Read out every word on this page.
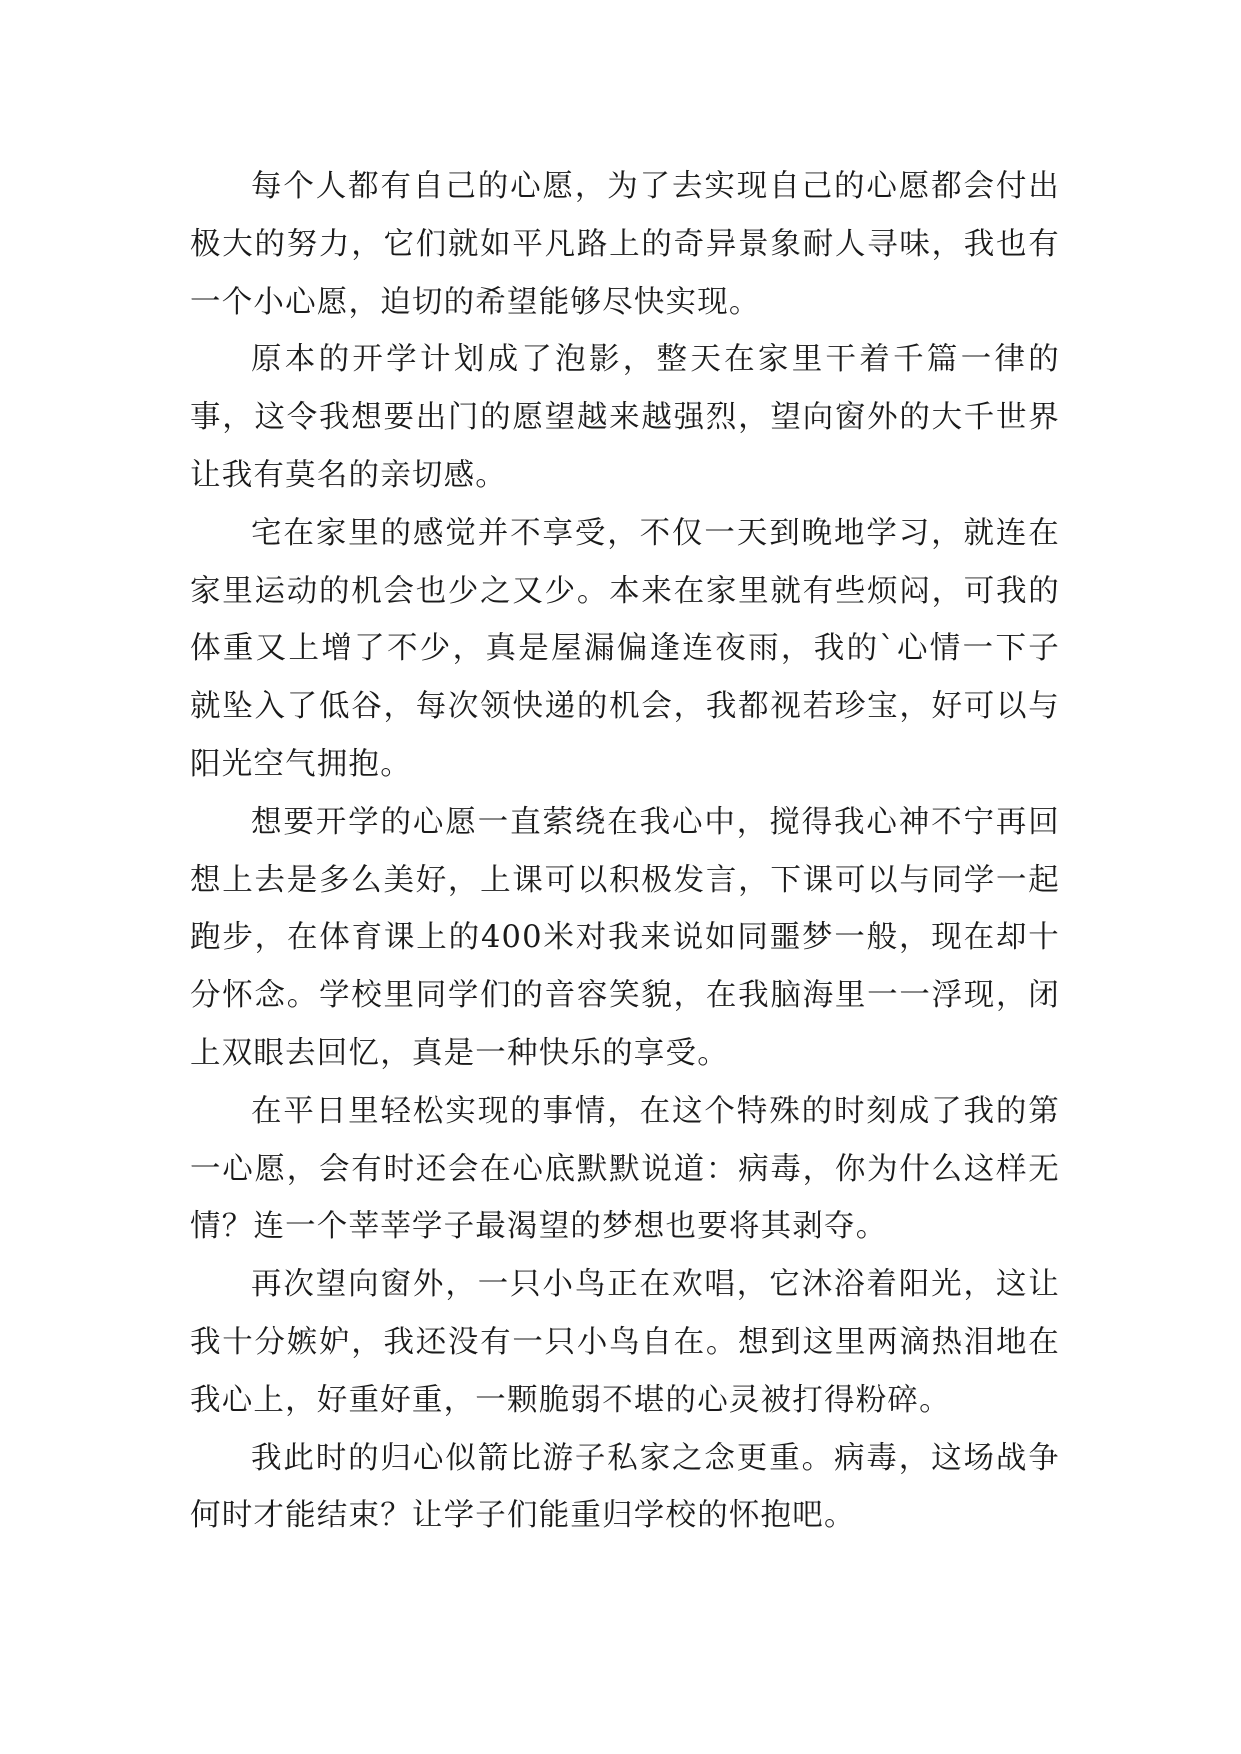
每个人都有自己的心愿，为了去实现自己的心愿都会付出极大的努力，它们就如平凡路上的奇异景象耐人寻味，我也有一个小心愿，迫切的希望能够尽快实现。

原本的开学计划成了泡影，整天在家里干着千篇一律的事，这令我想要出门的愿望越来越强烈，望向窗外的大千世界让我有莫名的亲切感。

宅在家里的感觉并不享受，不仅一天到晚地学习，就连在家里运动的机会也少之又少。本来在家里就有些烦闷，可我的体重又上增了不少，真是屋漏偏逢连夜雨，我的`心情一下子就坠入了低谷，每次领快递的机会，我都视若珍宝，好可以与阳光空气拥抱。

想要开学的心愿一直萦绕在我心中，搅得我心神不宁再回想上去是多么美好，上课可以积极发言，下课可以与同学一起跑步，在体育课上的400米对我来说如同噩梦一般，现在却十分怀念。学校里同学们的音容笑貌，在我脑海里一一浮现，闭上双眼去回忆，真是一种快乐的享受。

在平日里轻松实现的事情，在这个特殊的时刻成了我的第一心愿，会有时还会在心底默默说道：病毒，你为什么这样无情？连一个莘莘学子最渴望的梦想也要将其剥夺。

再次望向窗外，一只小鸟正在欢唱，它沐浴着阳光，这让我十分嫉妒，我还没有一只小鸟自在。想到这里两滴热泪地在我心上，好重好重，一颗脆弱不堪的心灵被打得粉碎。

我此时的归心似箭比游子私家之念更重。病毒，这场战争何时才能结束？让学子们能重归学校的怀抱吧。
